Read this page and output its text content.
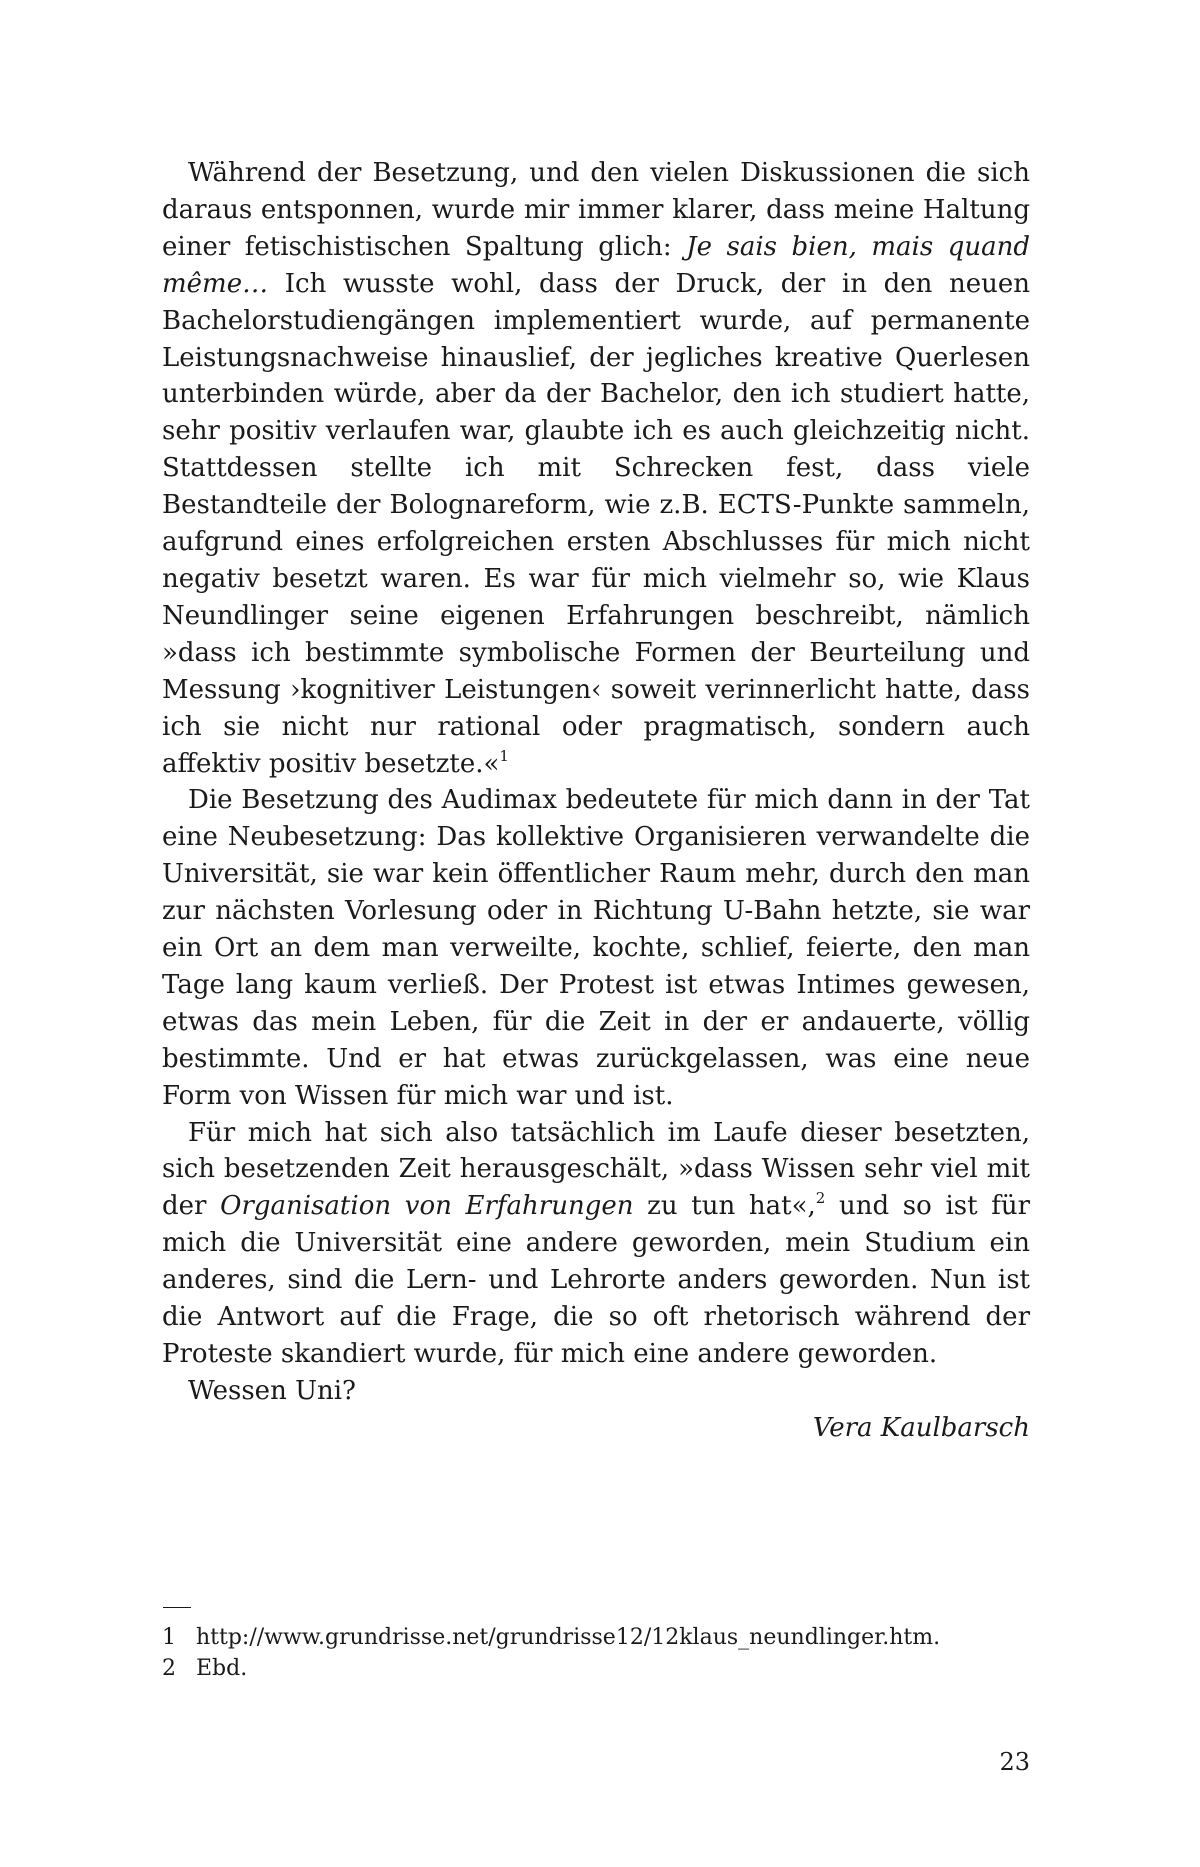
Während der Besetzung, und den vielen Diskussionen die sich daraus entsponnen, wurde mir immer klarer, dass meine Haltung einer fetischistischen Spaltung glich: Je sais bien, mais quand même… Ich wusste wohl, dass der Druck, der in den neuen Bachelorstudiengängen implementiert wurde, auf permanente Leistungsnachweise hinauslief, der jegliches kreative Querlesen unterbinden würde, aber da der Bachelor, den ich studiert hatte, sehr positiv verlaufen war, glaubte ich es auch gleichzeitig nicht. Stattdessen stellte ich mit Schrecken fest, dass viele Bestandteile der Bolognareform, wie z.B. ECTS-Punkte sammeln, aufgrund eines erfolgreichen ersten Abschlusses für mich nicht negativ besetzt waren. Es war für mich vielmehr so, wie Klaus Neundlinger seine eigenen Erfahrungen beschreibt, nämlich »dass ich bestimmte symbolische Formen der Beurteilung und Messung ›kognitiver Leistungen‹ soweit verinnerlicht hatte, dass ich sie nicht nur rational oder pragmatisch, sondern auch affektiv positiv besetzte.«$^1$

Die Besetzung des Audimax bedeutete für mich dann in der Tat eine Neubesetzung: Das kollektive Organisieren verwandelte die Universität, sie war kein öffentlicher Raum mehr, durch den man zur nächsten Vorlesung oder in Richtung U-Bahn hetzte, sie war ein Ort an dem man verweilte, kochte, schlief, feierte, den man Tage lang kaum verließ. Der Protest ist etwas Intimes gewesen, etwas das mein Leben, für die Zeit in der er andauerte, völlig bestimmte. Und er hat etwas zurückgelassen, was eine neue Form von Wissen für mich war und ist.

Für mich hat sich also tatsächlich im Laufe dieser besetzten, sich besetzenden Zeit herausgeschält, »dass Wissen sehr viel mit der Organisation von Erfahrungen zu tun hat«,$^2$ und so ist für mich die Universität eine andere geworden, mein Studium ein anderes, sind die Lern- und Lehrorte anders geworden. Nun ist die Antwort auf die Frage, die so oft rhetorisch während der Proteste skandiert wurde, für mich eine andere geworden.

Wessen Uni?

Vera Kaulbarsch

1 http://www.grundrisse.net/grundrisse12/12klaus_neundlinger.htm.
2 Ebd.
23
